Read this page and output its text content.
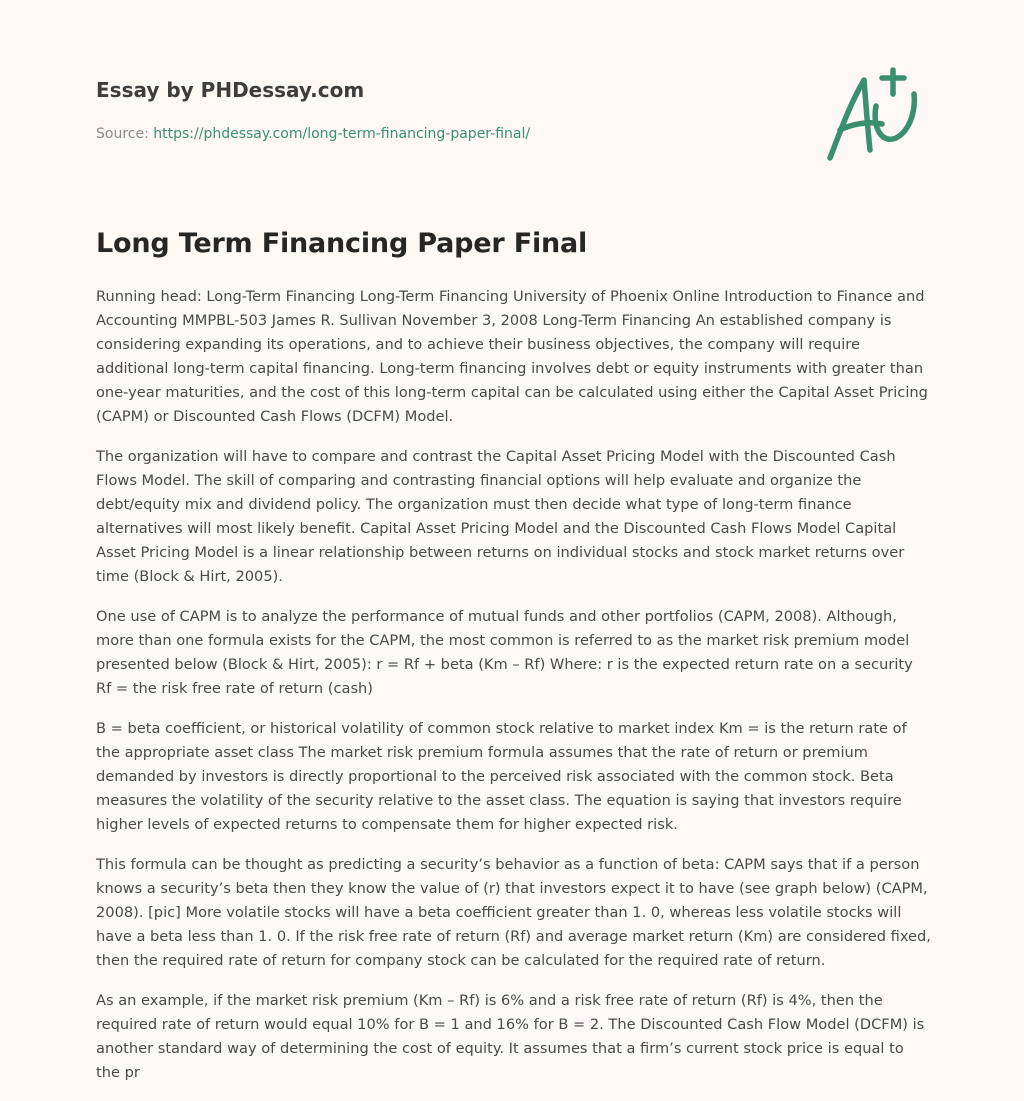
Essay by PHDessay.com
Source: https://phdessay.com/long-term-financing-paper-final/
Long Term Financing Paper Final

Running head: Long-Term Financing Long-Term Financing University of Phoenix Online Introduction to Finance and Accounting MMPBL-503 James R. Sullivan November 3, 2008 Long-Term Financing An established company is considering expanding its operations, and to achieve their business objectives, the company will require additional long-term capital financing. Long-term financing involves debt or equity instruments with greater than one-year maturities, and the cost of this long-term capital can be calculated using either the Capital Asset Pricing (CAPM) or Discounted Cash Flows (DCFM) Model.

The organization will have to compare and contrast the Capital Asset Pricing Model with the Discounted Cash Flows Model. The skill of comparing and contrasting financial options will help evaluate and organize the debt/equity mix and dividend policy. The organization must then decide what type of long-term finance alternatives will most likely benefit. Capital Asset Pricing Model and the Discounted Cash Flows Model Capital Asset Pricing Model is a linear relationship between returns on individual stocks and stock market returns over time (Block & Hirt, 2005).

One use of CAPM is to analyze the performance of mutual funds and other portfolios (CAPM, 2008). Although, more than one formula exists for the CAPM, the most common is referred to as the market risk premium model presented below (Block & Hirt, 2005): r = Rf + beta (Km – Rf) Where: r is the expected return rate on a security Rf = the risk free rate of return (cash)

B = beta coefficient, or historical volatility of common stock relative to market index Km = is the return rate of the appropriate asset class The market risk premium formula assumes that the rate of return or premium demanded by investors is directly proportional to the perceived risk associated with the common stock. Beta measures the volatility of the security relative to the asset class. The equation is saying that investors require higher levels of expected returns to compensate them for higher expected risk.

This formula can be thought as predicting a security’s behavior as a function of beta: CAPM says that if a person knows a security’s beta then they know the value of (r) that investors expect it to have (see graph below) (CAPM, 2008). [pic] More volatile stocks will have a beta coefficient greater than 1. 0, whereas less volatile stocks will have a beta less than 1. 0. If the risk free rate of return (Rf) and average market return (Km) are considered fixed, then the required rate of return for company stock can be calculated for the required rate of return.

As an example, if the market risk premium (Km – Rf) is 6% and a risk free rate of return (Rf) is 4%, then the required rate of return would equal 10% for B = 1 and 16% for B = 2. The Discounted Cash Flow Model (DCFM) is another standard way of determining the cost of equity. It assumes that a firm’s current stock price is equal to the pr
